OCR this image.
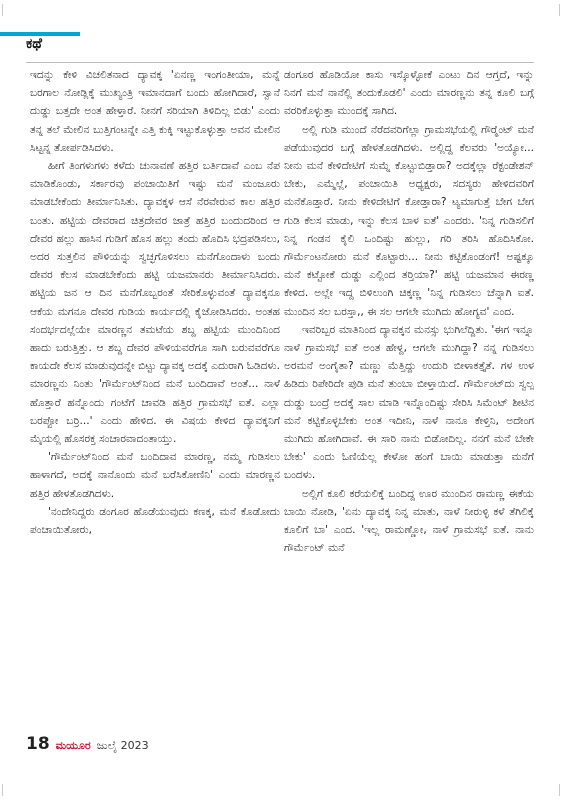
ಕಥೆ

ಇದನ್ನು ಕೇಳಿ ವಿಚಲಿತನಾದ ದ್ಯಾವಕ್ಕ 'ಏನಣ್ಣ ಇಂಗಂತೀಯಾ, ಮನ್ನೆ ಬರಗಾಲ ನೋಡ್ಲಿಕ್ಕೆ ಮುಖ್ಯಂತ್ರಿ ಇಮಾನದಾಗೆ ಬಂದು ಹೋಗಿದಾರೆ, ಸ್ವಾನೆ ದುಡ್ಡು ಬತ್ತದೇ ಅಂತ ಹೇಳ್ತಾರೆ. ನೀನಗೆ ಸರಿಯಾಗಿ ತಿಳಿದಿಲ್ಲ ಬಿಡು' ಎಂದು ತನ್ನ ತಲೆ ಮೇಲಿನ ಬುತ್ತಿಗಂಟನ್ನೇ ಎತ್ತಿ ಕುಕ್ಕಿ ಇಟ್ಟುಕೊಳ್ಳುತ್ತಾ ಅವನ ಮೇಲಿನ ಸಿಟ್ಟನ್ನ ತೋರ್ಪಡಿಸಿದಳು.

ಹೀಗೆ ತಿಂಗಳುಗಳು ಕಳೆದು ಚುನಾವಣೆ ಹತ್ತಿರ ಬರ್ತಿದಾವೆ ಎಂಬ ನೆಪ ಮಾಡಿಕೊಂಡು, ಸರ್ಕಾರವು ಪಂಚಾಯಿತಿಗೆ ಇಷ್ಟು ಮನೆ ಮಂಜೂರು ಮಾಡಬೇಕೆಂದು ತೀರ್ಮಾನಿಸಿತು. ದ್ಯಾವಕ್ಕಳ ಆಸೆ ನೆರವೇರುವ ಕಾಲ ಹತ್ತಿರ ಬಂತು. ಹಟ್ಟಿಯ ದೇವರಾದ ಚಿತ್ರದೇವರ ಜಾತ್ರೆ ಹತ್ತಿರ ಬಂದುದರಿಂದ ಆ ದೇವರ ಹಲ್ಲು ಹಾಸಿನ ಗುಡಿಗೆ ಹೊಸ ಹಲ್ಲು ತಂದು ಹೊದಿಸಿ ಭದ್ರಪಡಿಸಲು, ಅದರ ಸುತ್ತಲಿನ ಪೌಳಿಯನ್ನು ಸ್ವಚ್ಛಗೊಳಿಸಲು ಮನೆಗೊಂದಾಳು ಬಂದು ದೇವರ ಕೆಲಸ ಮಾಡಬೇಕೆಂದು ಹಟ್ಟಿ ಯಜಮಾನರು ತೀರ್ಮಾನಿಸಿದರು. ಹಟ್ಟಿಯ ಜನ ಆ ದಿನ ಮನೆಗೊಬ್ಬರಂತೆ ಸೇರಿಕೊಳ್ಳುವಂತೆ ದ್ಯಾವಕ್ಕನೂ ಆಕೆಯ ಮಗನೂ ದೇವರ ಗುಡಿಯ ಕಾರ್ಯದಲ್ಲಿ ಕೈಜೋಡಿಸಿದರು. ಅಂತಹ ಸಂದರ್ಭದಲ್ಲೆಯೇ ಮಾರಣ್ಣನ ತಮಟೆಯ ಶಬ್ದ ಹಟ್ಟಿಯ ಮುಂದಿನಿಂದ ಹಾದು ಬರುತ್ತಿತ್ತು. ಆ ಶಬ್ದ ದೇವರ ಪೌಳಿಯವರೆಗೂ ಸಾಗಿ ಬರುವವರೆಗೂ ಕಾಯದೇ ಕೆಲಸ ಮಾಡುವುದನ್ನೇ ಬಿಟ್ಟು ದ್ಯಾವಕ್ಕ ಅದಕ್ಕೆ ಎದುರಾಗಿ ಓಡಿದಳು. ಮಾರಣ್ಣನು ನಿಂತು 'ಗೌರ್ಮೆಂಟ್‌ನಿಂದ ಮನೆ ಬಂದಿದಾವೆ ಅಂತೆ... ನಾಳೆ ಹೊತ್ತಾರೆ ಹನ್ನೊಂದು ಗಂಟೆಗೆ ಚಾವಡಿ ಹತ್ತಿರ ಗ್ರಾಮಸಭೆ ಐತೆ. ಎಲ್ಲಾ ಬರಪ್ಪೋ ಬರ್ರಿ...' ಎಂದು ಹೇಳಿದ. ಈ ವಿಷಯ ಕೇಳಿದ ದ್ಯಾವಕ್ಕನಿಗೆ ಮೈಯಲ್ಲಿ ಹೊಸರಕ್ತ ಸಂಚಾರವಾದಂತಾಯ್ತು.

'ಗೌರ್ಮೆಂಟ್‌ನಿಂದ ಮನೆ ಬಂದಿದಾವ ಮಾರಣ್ಣ, ನಮ್ಮ ಗುಡಿಸಲು ಹಾಳಾಗದೆ, ಅದಕ್ಕೆ ನಾನೊಂದು ಮನೆ ಬರೆಸಿಕೋಣಿನಿ' ಎಂದು ಮಾರಣ್ಣನ ಹತ್ತಿರ ಹೇಳತೊಡಗಿದಳು.

'ನಂದೇನಿದ್ದರು ಡಂಗೂರ ಹೊಡೆಯುವುದು ಕಣಕ್ಕ, ಮನೆ ಕೊಡೋದು ಪಂಚಾಯಿತೋರು,

ಡಂಗೂರ ಹೊಡಿಯೋ ಕಾಸು ಇಸ್ಕೊಳ್ಳೋಕೆ ಎಂಟು ದಿನ ಆಗ್ತದೆ, ಇನ್ನು ನಿನಗೆ ಮನೆ ನಾನೆಲ್ಲಿ ತಂದುಕೊಡಲಿ' ಎಂದು ಮಾರಣ್ಣನು ತನ್ನ ಕೂಲಿ ಬಗ್ಗೆ ವರರಿಕೊಳ್ಳುತ್ತಾ ಮುಂದಕ್ಕೆ ಸಾಗಿದ.

ಅಲ್ಲಿ ಗುಡಿ ಮುಂದೆ ನೆರೆದವರಿಗೆಲ್ಲಾ ಗ್ರಾಮಸಭೆಯಲ್ಲಿ ಗೌರ್‍ಮೆಂಟ್ ಮನೆ ಪಡೆಯುವುದರ ಬಗ್ಗೆ ಹೇಳತೊಡಗಿದಳು. ಅಲ್ಲಿದ್ದ ಕೆಲವರು 'ಅಯ್ಯೋ... ನೀನು ಮನೆ ಕೇಳಿದೇಟಿಗೆ ಸುಮ್ನೆ ಕೊಟ್ಟುಬಿಡ್ತಾರಾ? ಅದಕ್ಕೆಲ್ಲಾ ರೆಕ್ಟಂಡೇಶನ್ ಬೇಕು, ಎಮ್ಮೆಲ್ಲೆ, ಪಂಚಾಯಿತಿ ಅಧ್ಯಕ್ಷರು, ಸದಸ್ಯರು ಹೇಳಿದವರಿಗೆ ಮನೆಕೊಡ್ತಾರೆ. ನೀನು ಕೇಳಿದೇಟಿಗೆ ಕೋಡ್ತಾರಾ? ಟ್ಯಮಾಗುತ್ತೆ ಬೇಗ ಬೇಗ ಗುಡಿ ಕೆಲಸ ಮಾಡು, ಇನ್ನು ಕೆಲಸ ಬಾಳ ಐತೆ' ಎಂದರು. 'ನಿನ್ನ ಗುಡಿಸಲಿಗೆ ನಿನ್ನ ಗಂಡನ ಕೈಲಿ ಒಂದಿಷ್ಟು ಹುಲ್ಲು, ಗರಿ ತರಿಸಿ ಹೊದಿಸಿಕೋ. ಗೌರ್ಮೆಂಟನೋರು ಮನೆ ಕೊಟ್ಟಾರು... ನೀನು ಕಟ್ಟಿಕೊಂಡಂಗೆ! ಅಷ್ಟಕ್ಕೂ ಮನೆ ಕಟ್ಟೋಕೆ ದುಡ್ಡು ಎಲ್ಲಿಂದ ತರ್‍ತಿಯಾ?' ಹಟ್ಟಿ ಯಜಮಾನ ಈರಣ್ಣ ಕೇಳಿದ. ಅಲ್ಲೇ ಇದ್ದ ಬಿಳಿಲುಂಗಿ ಚಿಕ್ಕಣ್ಣ 'ನಿನ್ನ ಗುಡಿಸಲು ಚೆನ್ನಾಗಿ ಐತೆ. ಮುಂದಿನ ಸಲ ಬರಸ್ತಾ,, ಈ ಸಲ ಆಗಲೇ ಮುಗಿದು ಹೋಗ್ಯವ' ಎಂದ.

ಇವರಿಬ್ಬರ ಮಾತಿನಿಂದ ದ್ಯಾವಕ್ಕನ ಮನಸ್ಸು ಭುಗಿಲೆದ್ದಿತು. 'ಈಗ ಇನ್ನೂ ನಾಳೆ ಗ್ರಾಮಸಭೆ ಐತೆ ಅಂತ ಹೇಳ್ದ, ಆಗಲೇ ಮುಗಿದ್ದಾ? ನನ್ನ ಗುಡಿಸಲು ಅರಮನೆ ಅಂಗೈತಾ? ಮಣ್ಣು ಮೆತ್ತಿದ್ದು ಉದುರಿ ಬೀಳಾಕತ್ತೈತೆ. ಗಳ ಉಳ ಹಿಡಿದು ರಿಪೇರಿದೇ ಪುಡಿ ಮನೆ ತುಂಬಾ ಬೀಳ್ತಾಯಿದೆ. ಗೌರ್ಮೆಂಟ್‌ದು ಸ್ವಲ್ಪ ದುಡ್ಡು ಬಂದ್ರೆ ಅದಕ್ಕೆ ಸಾಲ ಮಾಡಿ ಇನ್ನೊಂದಿಷ್ಟು ಸೇರಿಸಿ ಸಿಮೆಂಟ್ ಶೀಟಿನ ಮನೆ ಕಟ್ಟಿಕೊಳ್ಳಬೇಕು ಅಂತ ಇದೀನಿ, ನಾಳೆ ನಾನೂ ಕೇಳ್ತಿನಿ, ಅದೇಂಗ ಮುಗಿದು ಹೋಗಿದಾವೆ. ಈ ಸಾರಿ ನಾನು ಬಿಡೋದಿಲ್ಲ. ನನಗೆ ಮನೆ ಬೇಕೇ ಬೇಕು' ಎಂದು ಓಣಿಯೆಲ್ಲ ಕೇಳೋ ಹಂಗೆ ಬಾಯಿ ಮಾಡುತ್ತಾ ಮನೆಗೆ ಬಂದಳು.

ಅಲ್ಲಿಗೆ ಕೂಲಿ ಕರೆಯಲಿಕ್ಕೆ ಬಂದಿದ್ದ ಊರ ಮುಂದಿನ ರಾಮಣ್ಣ ಈಕೆಯ ಬಾಯಿ ನೋಡಿ, 'ಏನು ದ್ಯಾವಕ್ಕ ನಿನ್ನ ಮಾತು, ನಾಳೆ ನೀರುಳ್ಳಿ ಕಳೆ ತೆಗಿಲಿಕ್ಕೆ ಕೂಲಿಗೆ ಬಾ' ಎಂದ. 'ಇಲ್ಲ ರಾಮಣ್ಣೋ, ನಾಳೆ ಗ್ರಾಮಸಭೆ ಐತೆ. ನಾನು ಗೌರ್ಮೆಂಟ್ ಮನೆ

18 ಮಯೂರ ಜುಲೈ 2023
